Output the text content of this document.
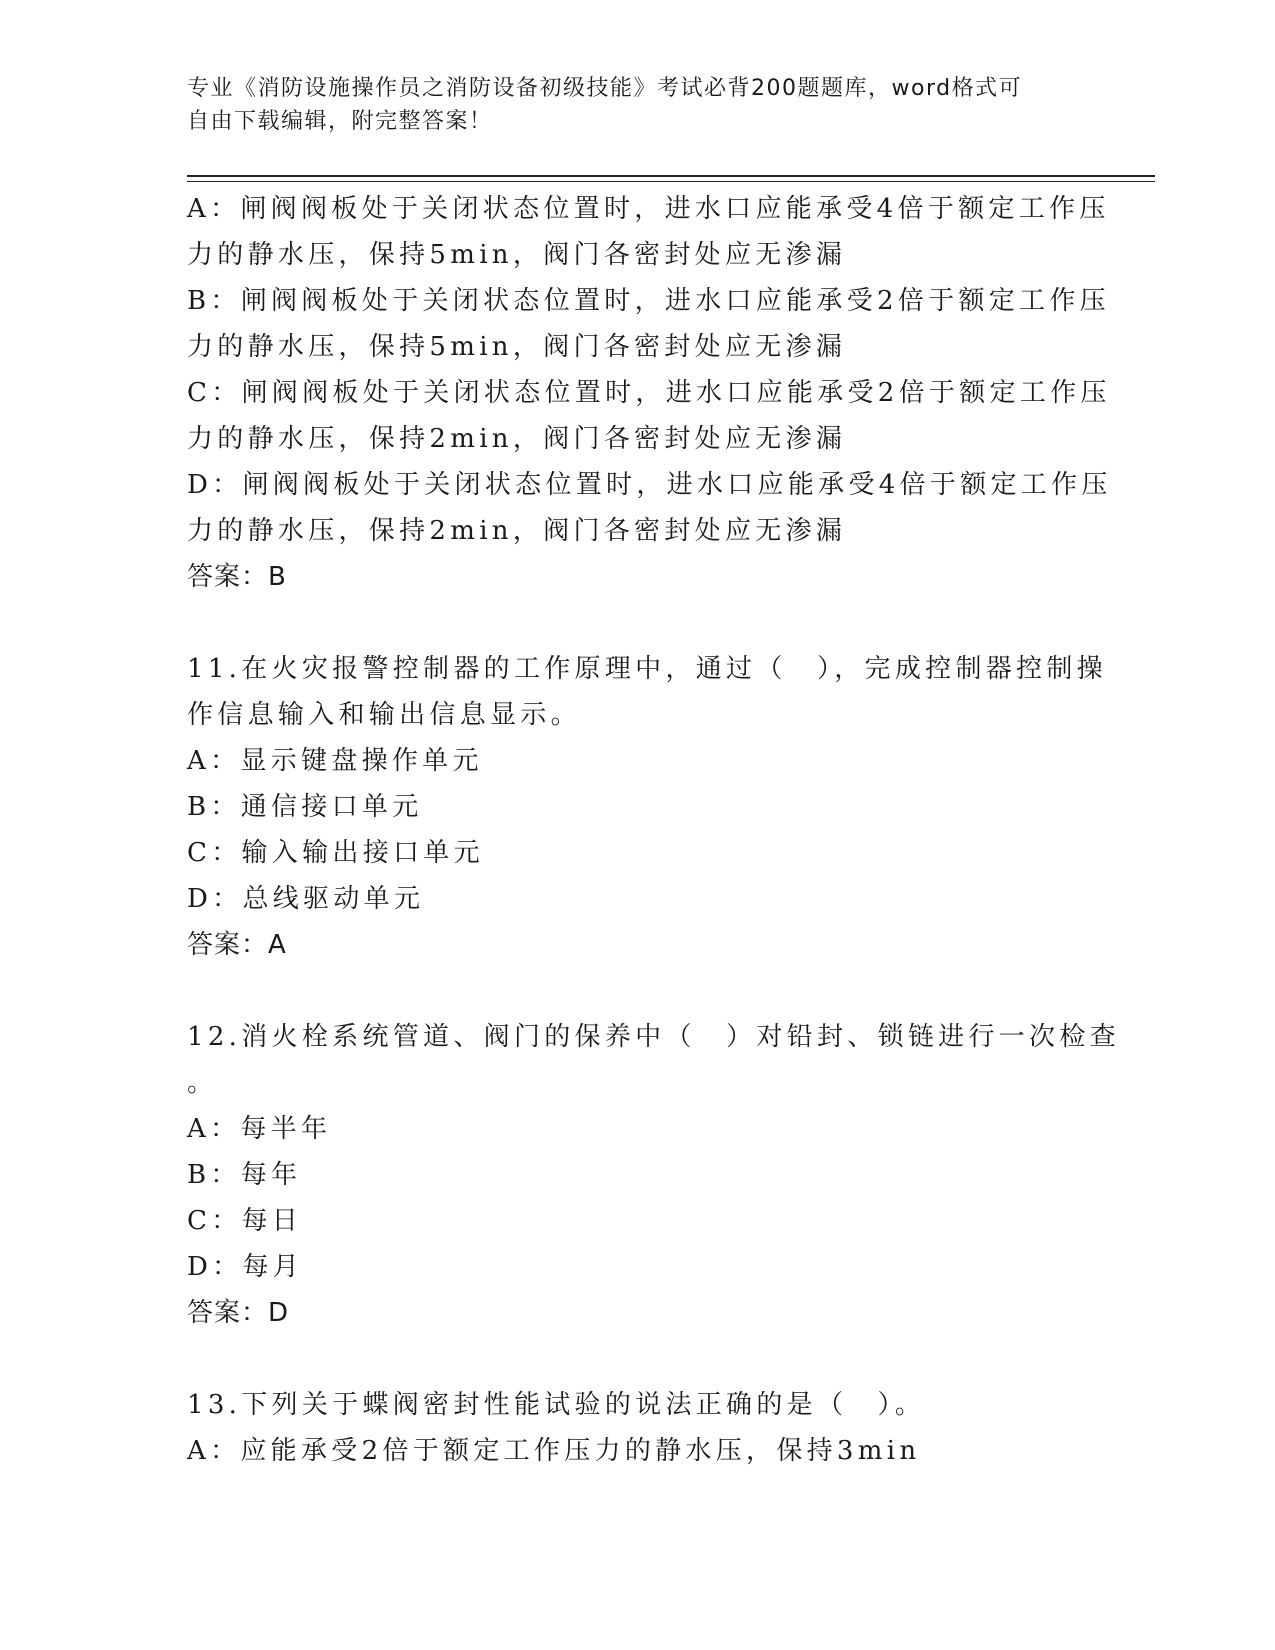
专业《消防设施操作员之消防设备初级技能》考试必背200题题库，word格式可
自由下载编辑，附完整答案！
A：闸阀阀板处于关闭状态位置时，进水口应能承受4倍于额定工作压
力的静水压，保持5min，阀门各密封处应无渗漏
B：闸阀阀板处于关闭状态位置时，进水口应能承受2倍于额定工作压
力的静水压，保持5min，阀门各密封处应无渗漏
C：闸阀阀板处于关闭状态位置时，进水口应能承受2倍于额定工作压
力的静水压，保持2min，阀门各密封处应无渗漏
D：闸阀阀板处于关闭状态位置时，进水口应能承受4倍于额定工作压
力的静水压，保持2min，阀门各密封处应无渗漏
答案：B
11.在火灾报警控制器的工作原理中，通过（　），完成控制器控制操
作信息输入和输出信息显示。
A：显示键盘操作单元
B：通信接口单元
C：输入输出接口单元
D：总线驱动单元
答案：A
12.消火栓系统管道、阀门的保养中（　）对铅封、锁链进行一次检查
。
A：每半年
B：每年
C：每日
D：每月
答案：D
13.下列关于蝶阀密封性能试验的说法正确的是（　）。
A：应能承受2倍于额定工作压力的静水压，保持3min
